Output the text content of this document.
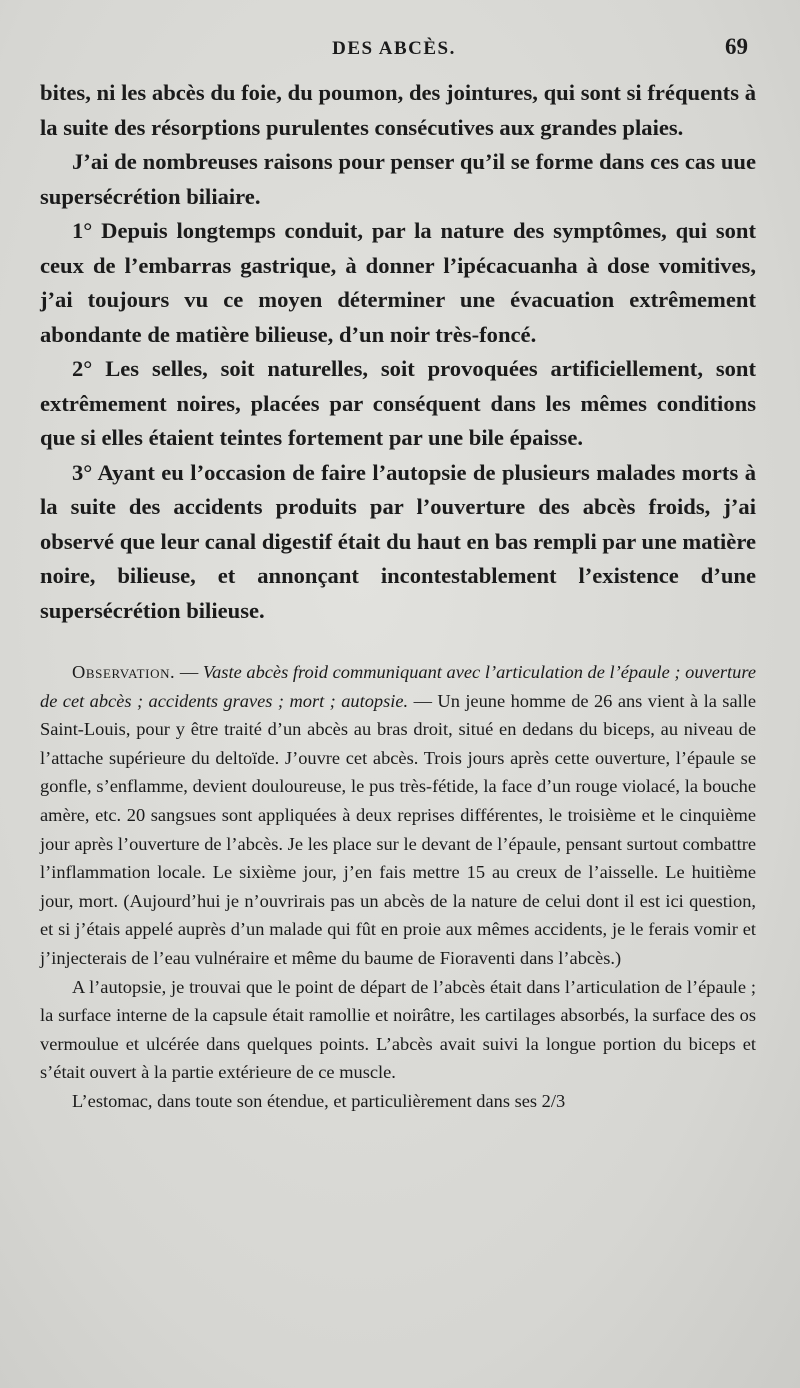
DES ABCÈS.	69

bites, ni les abcès du foie, du poumon, des jointures, qui sont si fréquents à la suite des résorptions purulentes consécutives aux grandes plaies.

J’ai de nombreuses raisons pour penser qu’il se forme dans ces cas uue supersécrétion biliaire.

1° Depuis longtemps conduit, par la nature des symptômes, qui sont ceux de l’embarras gastrique, à donner l’ipécacuanha à dose vomitives, j’ai toujours vu ce moyen déterminer une évacuation extrêmement abondante de matière bilieuse, d’un noir très-foncé.

2° Les selles, soit naturelles, soit provoquées artificiellement, sont extrêmement noires, placées par conséquent dans les mêmes conditions que si elles étaient teintes fortement par une bile épaisse.

3° Ayant eu l’occasion de faire l’autopsie de plusieurs malades morts à la suite des accidents produits par l’ouverture des abcès froids, j’ai observé que leur canal digestif était du haut en bas rempli par une matière noire, bilieuse, et annonçant incontestablement l’existence d’une supersécrétion bilieuse.

Observation. — Vaste abcès froid communiquant avec l’articulation de l’épaule ; ouverture de cet abcès ; accidents graves ; mort ; autopsie. — Un jeune homme de 26 ans vient à la salle Saint-Louis, pour y être traité d’un abcès au bras droit, situé en dedans du biceps, au niveau de l’attache supérieure du deltoïde. J’ouvre cet abcès. Trois jours après cette ouverture, l’épaule se gonfle, s’enflamme, devient douloureuse, le pus très-fétide, la face d’un rouge violacé, la bouche amère, etc. 20 sangsues sont appliquées à deux reprises différentes, le troisième et le cinquième jour après l’ouverture de l’abcès. Je les place sur le devant de l’épaule, pensant surtout combattre l’inflammation locale. Le sixième jour, j’en fais mettre 15 au creux de l’aisselle. Le huitième jour, mort. (Aujourd’hui je n’ouvrirais pas un abcès de la nature de celui dont il est ici question, et si j’étais appelé auprès d’un malade qui fût en proie aux mêmes accidents, je le ferais vomir et j’injecterais de l’eau vulnéraire et même du baume de Fioraventi dans l’abcès.)

A l’autopsie, je trouvai que le point de départ de l’abcès était dans l’articulation de l’épaule ; la surface interne de la capsule était ramollie et noirâtre, les cartilages absorbés, la surface des os vermoulue et ulcérée dans quelques points. L’abcès avait suivi la longue portion du biceps et s’était ouvert à la partie extérieure de ce muscle.

L’estomac, dans toute son étendue, et particulièrement dans ses 2/3
